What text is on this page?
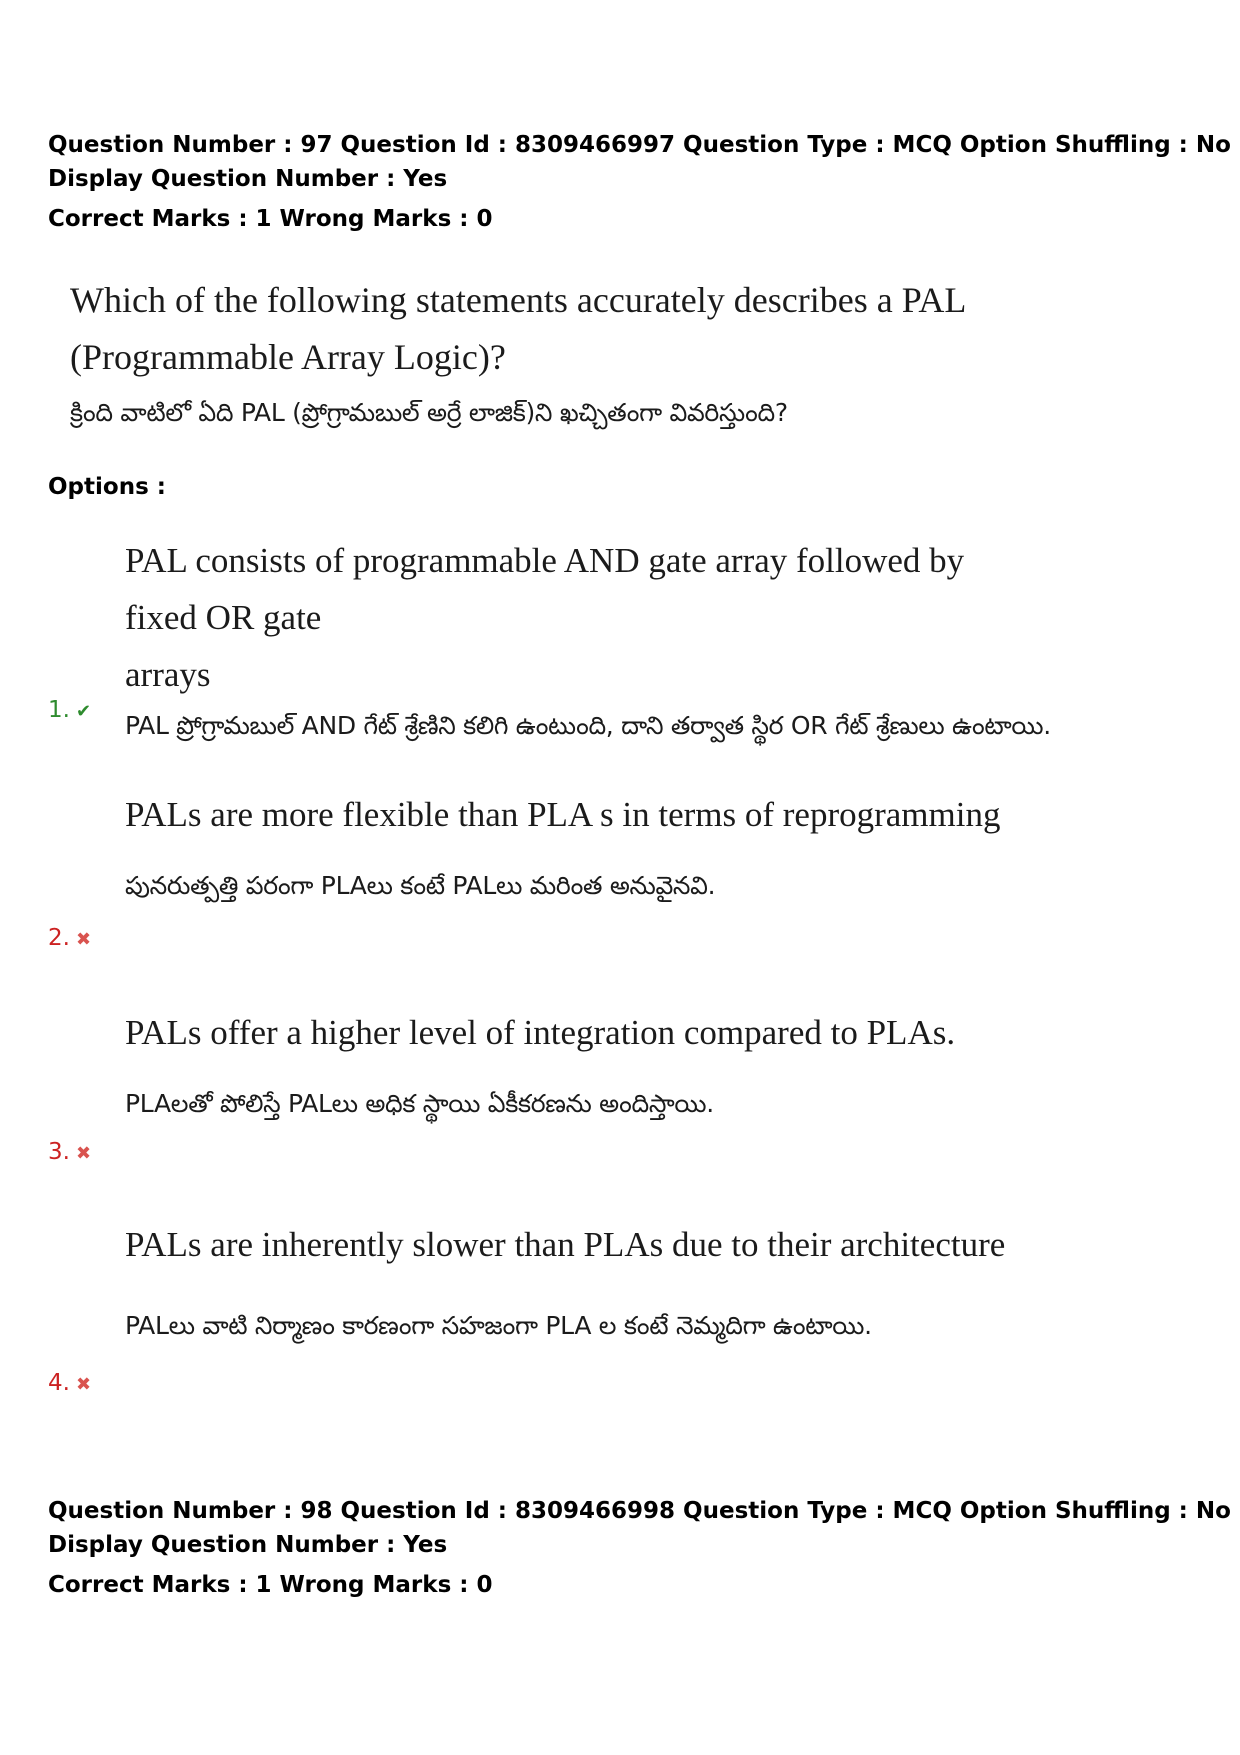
Question Number : 97 Question Id : 8309466997 Question Type : MCQ Option Shuffling : No
Display Question Number : Yes
Correct Marks : 1 Wrong Marks : 0
Which of the following statements accurately describes a PAL
(Programmable Array Logic)?
క్రింది వాటిలో ఏది PAL (ప్రోగ్రామబుల్ అర్రే లాజిక్)ని ఖచ్చితంగా వివరిస్తుంది?
Options :
PAL consists of programmable AND gate array followed by fixed OR gate
arrays
PAL ప్రోగ్రామబుల్ AND గేట్ శ్రేణిని కలిగి ఉంటుంది, దాని తర్వాత స్థిర OR గేట్ శ్రేణులు ఉంటాయి.
1. ✔
PALs are more flexible than PLA s in terms of reprogramming
పునరుత్పత్తి పరంగా PLAలు కంటే PALలు మరింత అనువైనవి.
2. ✖
PALs offer a higher level of integration compared to PLAs.
PLAలతో పోలిస్తే PALలు అధిక స్థాయి ఏకీకరణను అందిస్తాయి.
3. ✖
PALs are inherently slower than PLAs due to their architecture
PALలు వాటి నిర్మాణం కారణంగా సహజంగా PLA ల కంటే నెమ్మదిగా ఉంటాయి.
4. ✖
Question Number : 98 Question Id : 8309466998 Question Type : MCQ Option Shuffling : No
Display Question Number : Yes
Correct Marks : 1 Wrong Marks : 0
